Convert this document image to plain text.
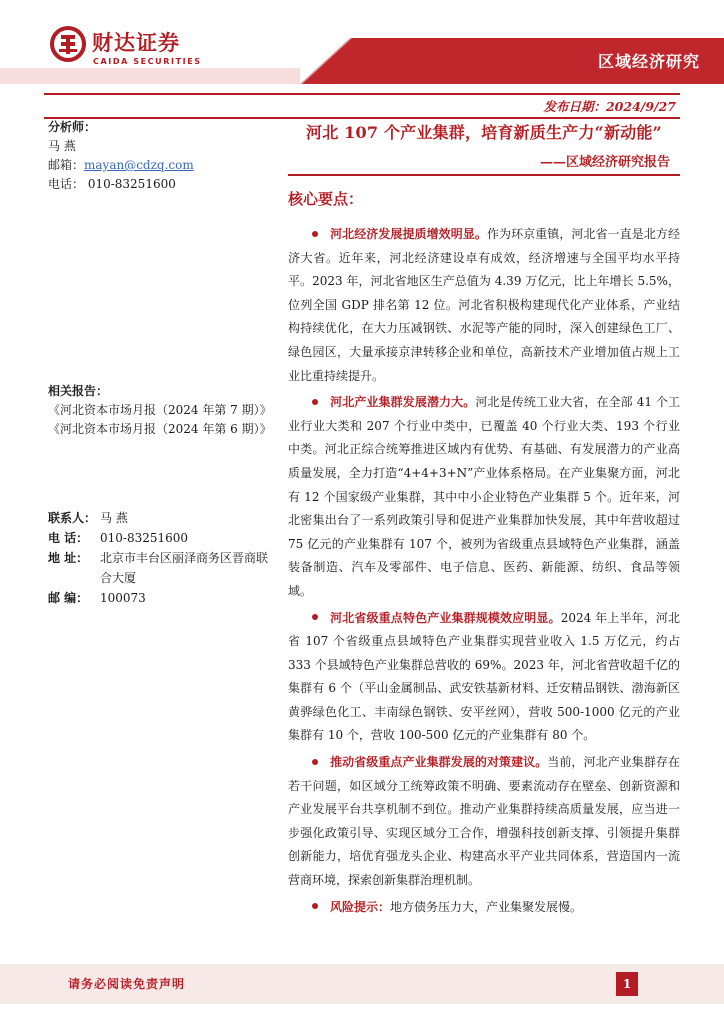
财达证券
CAIDA SECURITIES	区域经济研究
发布日期：2024/9/27
分析师：
马 燕
邮箱：mayan@cdzq.com
电话： 010-83251600
相关报告：
《河北资本市场月报（2024 年第 7 期）》
《河北资本市场月报（2024 年第 6 期）》
联系人： 马 燕
电 话： 010-83251600
地 址： 北京市丰台区丽泽商务区晋商联合大厦
邮 编： 100073
河北 107 个产业集群，培育新质生产力“新动能”
——区域经济研究报告
核心要点：

河北经济发展提质增效明显。作为环京重镇，河北省一直是北方经济大省。近年来，河北经济建设卓有成效，经济增速与全国平均水平持平。2023 年，河北省地区生产总值为 4.39 万亿元，比上年增长 5.5%，位列全国 GDP 排名第 12 位。河北省积极构建现代化产业体系，产业结构持续优化，在大力压减钢铁、水泥等产能的同时，深入创建绿色工厂、绿色园区，大量承接京津转移企业和单位，高新技术产业增加值占规上工业比重持续提升。

河北产业集群发展潜力大。河北是传统工业大省，在全部 41 个工业行业大类和 207 个行业中类中，已覆盖 40 个行业大类、193 个行业中类。河北正综合统筹推进区域内有优势、有基础、有发展潜力的产业高质量发展，全力打造“4+4+3+N”产业体系格局。在产业集聚方面，河北有 12 个国家级产业集群，其中中小企业特色产业集群 5 个。近年来，河北密集出台了一系列政策引导和促进产业集群加快发展，其中年营收超过 75 亿元的产业集群有 107 个，被列为省级重点县域特色产业集群，涵盖装备制造、汽车及零部件、电子信息、医药、新能源、纺织、食品等领域。

河北省级重点特色产业集群规模效应明显。2024 年上半年，河北省 107 个省级重点县域特色产业集群实现营业收入 1.5 万亿元，约占 333 个县域特色产业集群总营收的 69%。2023 年，河北省营收超千亿的集群有 6 个（平山金属制品、武安铁基新材料、迁安精品钢铁、渤海新区黄骅绿色化工、丰南绿色钢铁、安平丝网），营收 500-1000 亿元的产业集群有 10 个，营收 100-500 亿元的产业集群有 80 个。

推动省级重点产业集群发展的对策建议。当前，河北产业集群存在若干问题，如区域分工统筹政策不明确、要素流动存在壁垒、创新资源和产业发展平台共享机制不到位。推动产业集群持续高质量发展，应当进一步强化政策引导、实现区域分工合作，增强科技创新支撑、引领提升集群创新能力，培优育强龙头企业、构建高水平产业共同体系，营造国内一流营商环境，探索创新集群治理机制。

风险提示：地方债务压力大，产业集聚发展慢。

请务必阅读免责声明	1
